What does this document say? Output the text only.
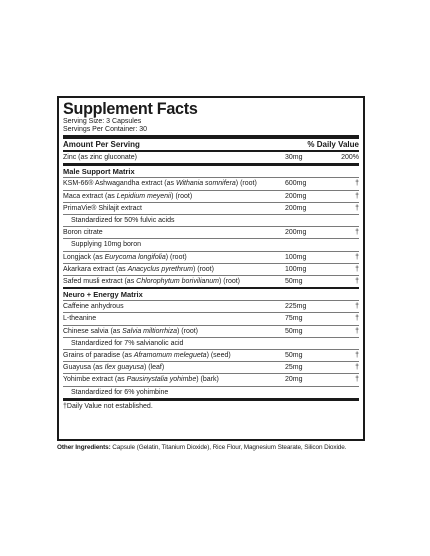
Supplement Facts
Serving Size: 3 Capsules
Servings Per Container: 30
Amount Per Serving	% Daily Value
Zinc (as zinc gluconate)	30mg	200%
Male Support Matrix
KSM-66® Ashwagandha extract (as Withania somnifera) (root)	600mg	†
Maca extract (as Lepidium meyenii) (root)	200mg	†
PrimaVie® Shilajit extract	200mg	†
Standardized for 50% fulvic acids
Boron citrate	200mg	†
Supplying 10mg boron
Longjack (as Eurycoma longifolia) (root)	100mg	†
Akarkara extract (as Anacyclus pyrethrum) (root)	100mg	†
Safed musli extract (as Chlorophytum borivilianum) (root)	50mg	†
Neuro + Energy Matrix
Caffeine anhydrous	225mg	†
L-theanine	75mg	†
Chinese salvia (as Salvia miltiorrhiza) (root)	50mg	†
Standardized for 7% salvianolic acid
Grains of paradise (as Aframomum melegueta) (seed)	50mg	†
Guayusa (as Ilex guayusa) (leaf)	25mg	†
Yohimbe extract (as Pausinystalia yohimbe) (bark)	20mg	†
Standardized for 6% yohimbine
†Daily Value not established.
Other Ingredients: Capsule (Gelatin, Titanium Dioxide), Rice Flour, Magnesium Stearate, Silicon Dioxide.
